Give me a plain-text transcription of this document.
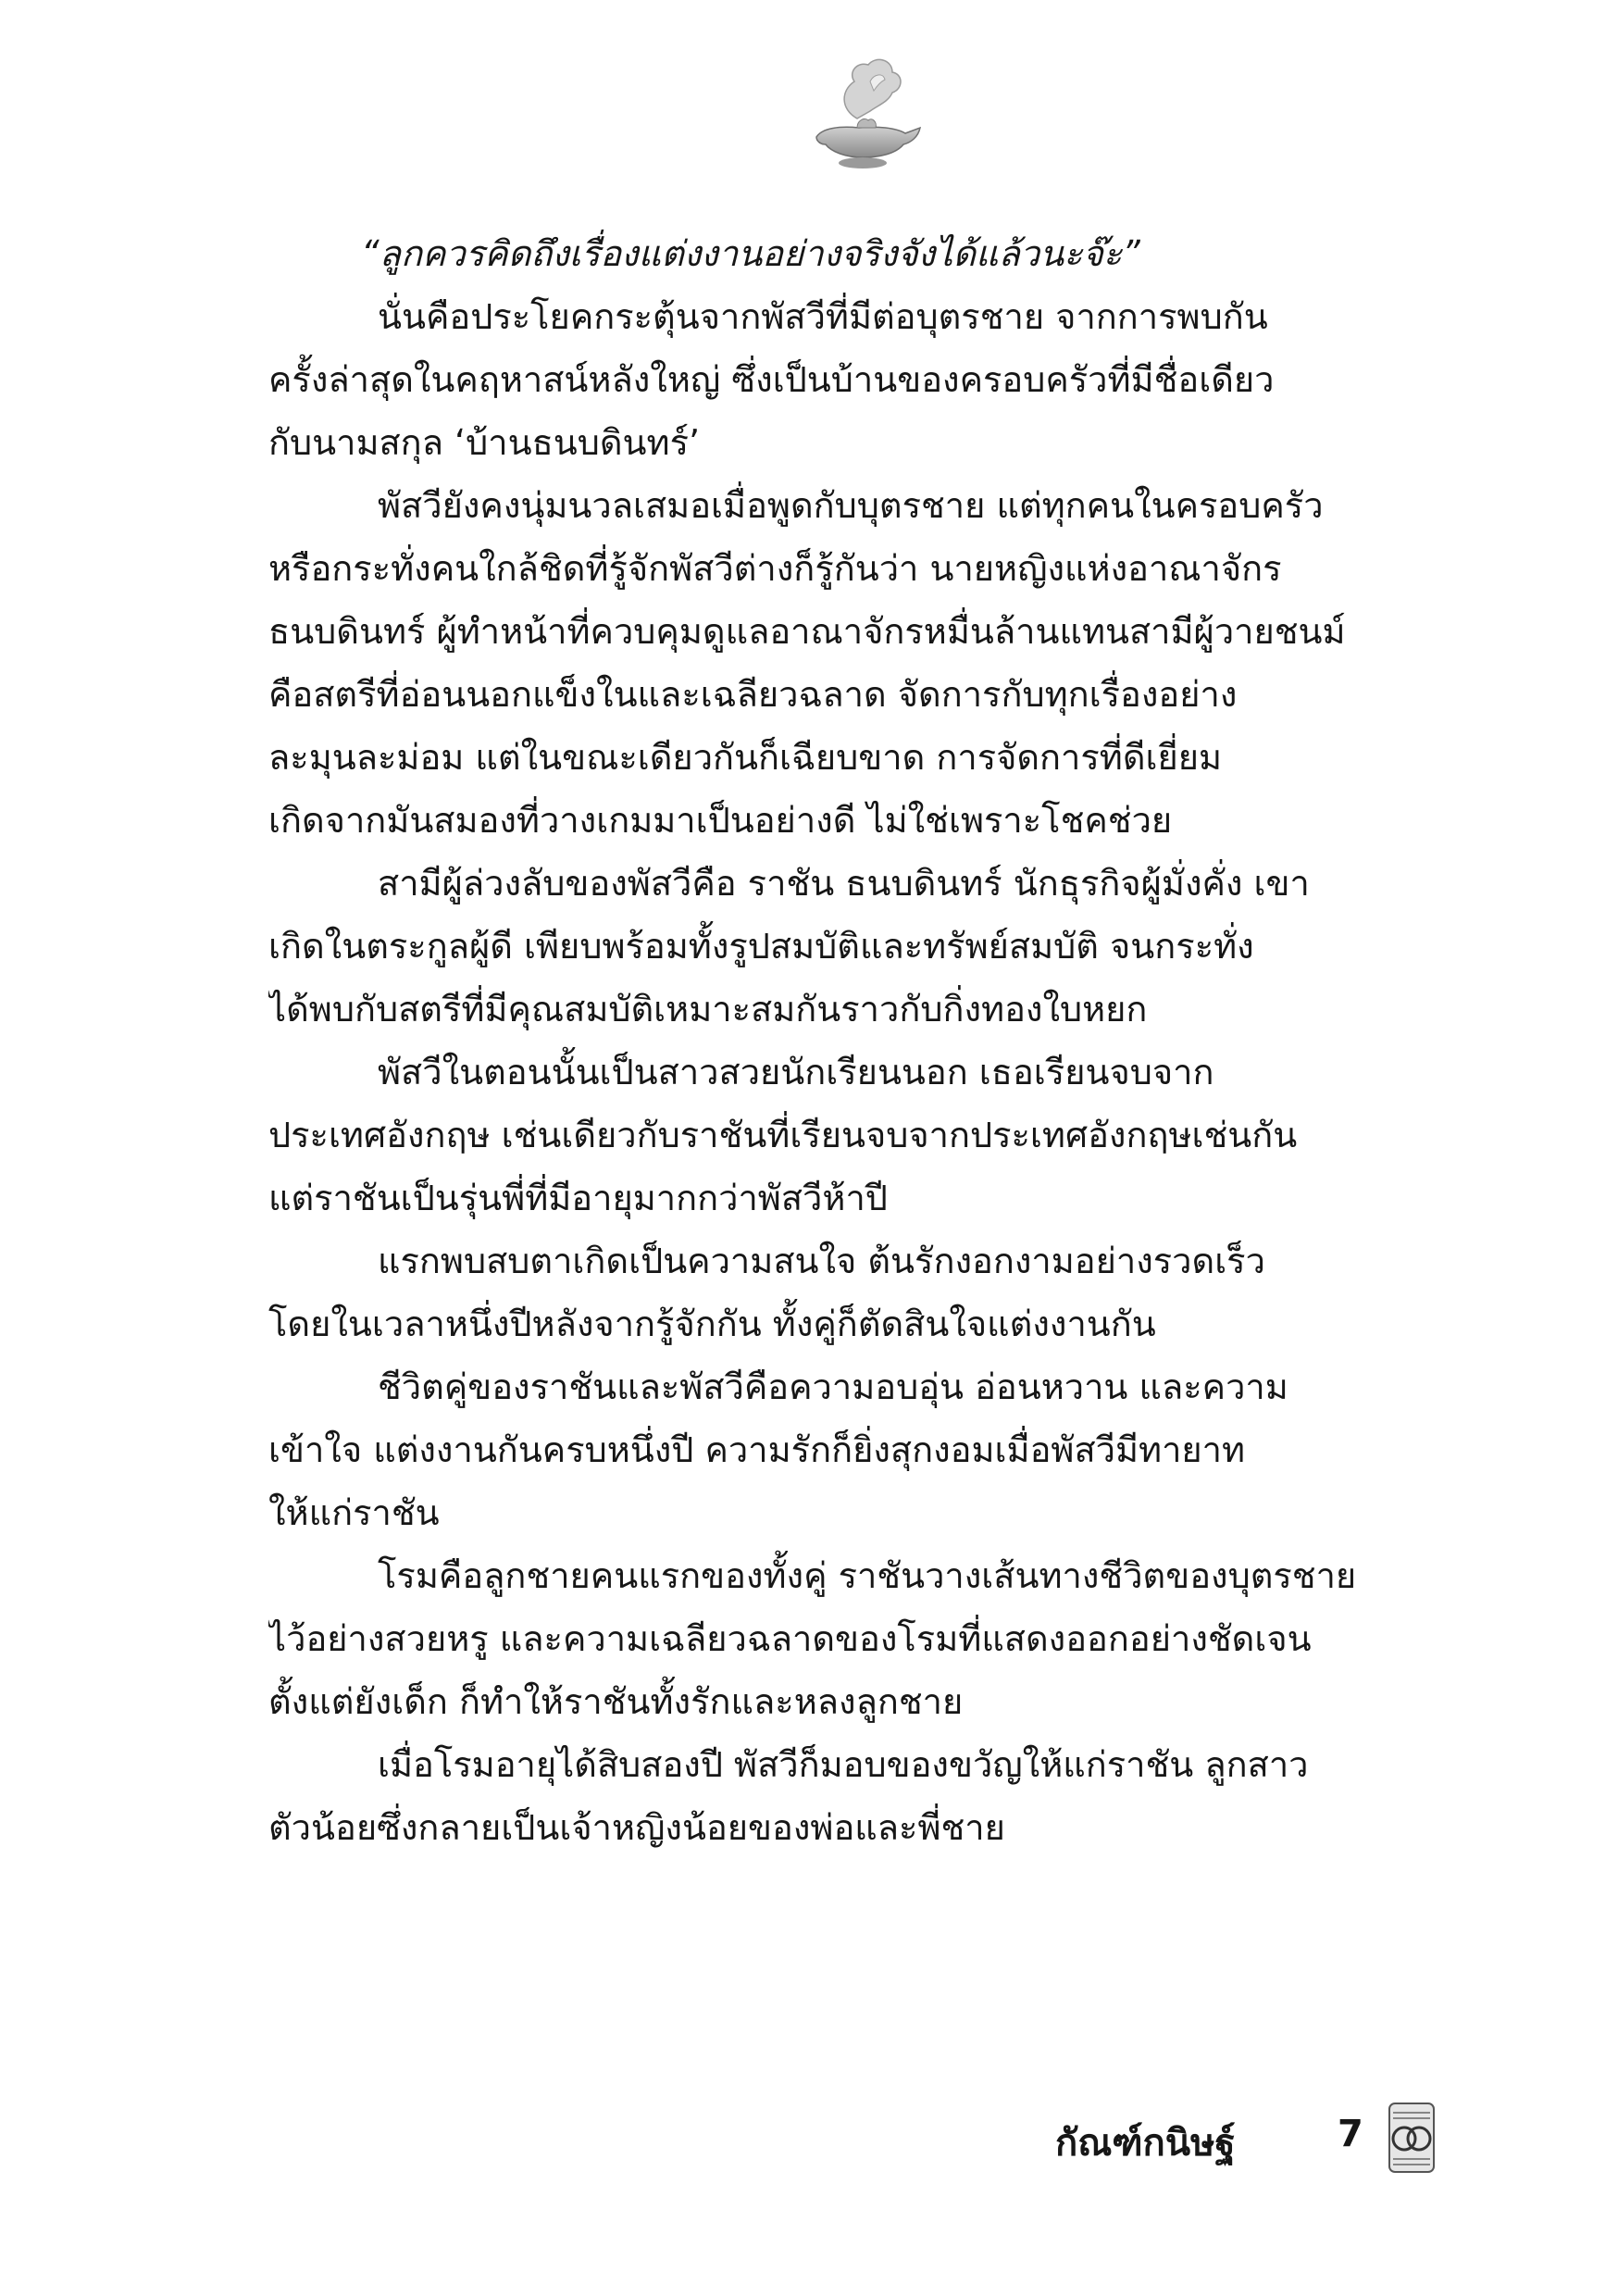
“ลูกควรคิดถึงเรื่องแต่งงานอย่างจริงจังได้แล้วนะจ๊ะ”
นั่นคือประโยคกระตุ้นจากพัสวีที่มีต่อบุตรชาย จากการพบกัน
ครั้งล่าสุดในคฤหาสน์หลังใหญ่ ซึ่งเป็นบ้านของครอบครัวที่มีชื่อเดียว
กับนามสกุล ‘บ้านธนบดินทร์’
พัสวียังคงนุ่มนวลเสมอเมื่อพูดกับบุตรชาย แต่ทุกคนในครอบครัว
หรือกระทั่งคนใกล้ชิดที่รู้จักพัสวีต่างก็รู้กันว่า นายหญิงแห่งอาณาจักร
ธนบดินทร์ ผู้ทำหน้าที่ควบคุมดูแลอาณาจักรหมื่นล้านแทนสามีผู้วายชนม์
คือสตรีที่อ่อนนอกแข็งในและเฉลียวฉลาด จัดการกับทุกเรื่องอย่าง
ละมุนละม่อม แต่ในขณะเดียวกันก็เฉียบขาด การจัดการที่ดีเยี่ยม
เกิดจากมันสมองที่วางเกมมาเป็นอย่างดี ไม่ใช่เพราะโชคช่วย
สามีผู้ล่วงลับของพัสวีคือ ราชัน ธนบดินทร์ นักธุรกิจผู้มั่งคั่ง เขา
เกิดในตระกูลผู้ดี เพียบพร้อมทั้งรูปสมบัติและทรัพย์สมบัติ จนกระทั่ง
ได้พบกับสตรีที่มีคุณสมบัติเหมาะสมกันราวกับกิ่งทองใบหยก
พัสวีในตอนนั้นเป็นสาวสวยนักเรียนนอก เธอเรียนจบจาก
ประเทศอังกฤษ เช่นเดียวกับราชันที่เรียนจบจากประเทศอังกฤษเช่นกัน
แต่ราชันเป็นรุ่นพี่ที่มีอายุมากกว่าพัสวีห้าปี
แรกพบสบตาเกิดเป็นความสนใจ ต้นรักงอกงามอย่างรวดเร็ว
โดยในเวลาหนึ่งปีหลังจากรู้จักกัน ทั้งคู่ก็ตัดสินใจแต่งงานกัน
ชีวิตคู่ของราชันและพัสวีคือความอบอุ่น อ่อนหวาน และความ
เข้าใจ แต่งงานกันครบหนึ่งปี ความรักก็ยิ่งสุกงอมเมื่อพัสวีมีทายาท
ให้แก่ราชัน
โรมคือลูกชายคนแรกของทั้งคู่ ราชันวางเส้นทางชีวิตของบุตรชาย
ไว้อย่างสวยหรู และความเฉลียวฉลาดของโรมที่แสดงออกอย่างชัดเจน
ตั้งแต่ยังเด็ก ก็ทำให้ราชันทั้งรักและหลงลูกชาย
เมื่อโรมอายุได้สิบสองปี พัสวีก็มอบของขวัญให้แก่ราชัน ลูกสาว
ตัวน้อยซึ่งกลายเป็นเจ้าหญิงน้อยของพ่อและพี่ชาย
กัณฑ์กนิษฐ์	7
